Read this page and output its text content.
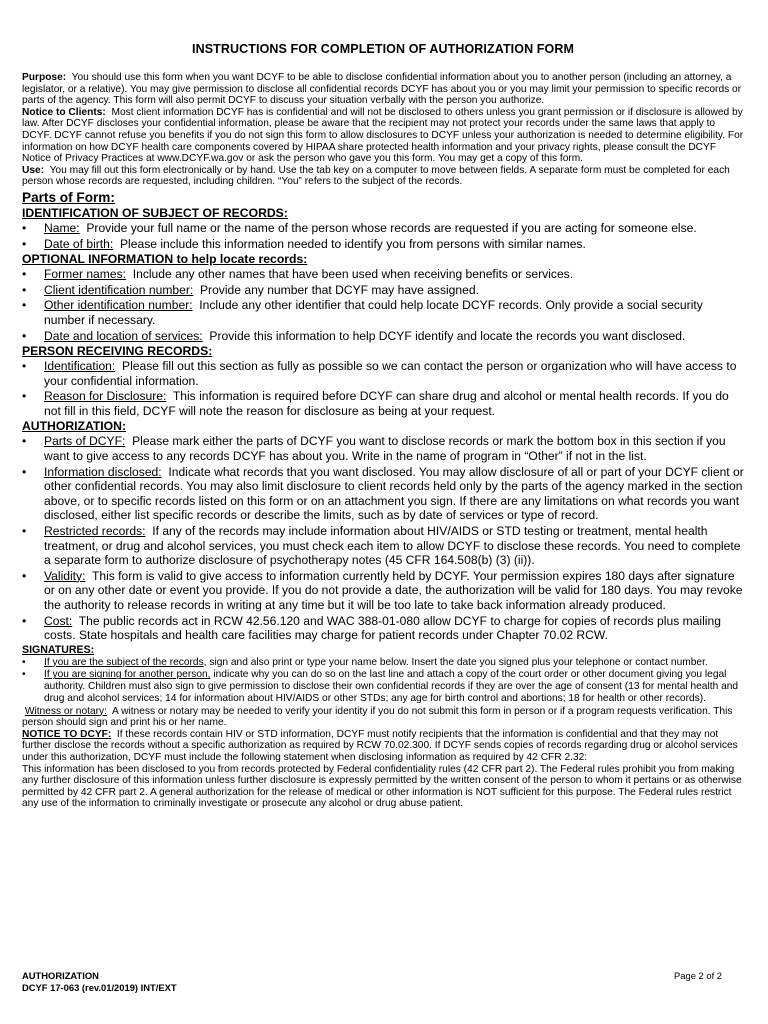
INSTRUCTIONS FOR COMPLETION OF AUTHORIZATION FORM

Purpose: You should use this form when you want DCYF to be able to disclose confidential information about you to another person (including an attorney, a legislator, or a relative). You may give permission to disclose all confidential records DCYF has about you or you may limit your permission to specific records or parts of the agency. This form will also permit DCYF to discuss your situation verbally with the person you authorize.

Notice to Clients: Most client information DCYF has is confidential and will not be disclosed to others unless you grant permission or if disclosure is allowed by law. After DCYF discloses your confidential information, please be aware that the recipient may not protect your records under the same laws that apply to DCYF. DCYF cannot refuse you benefits if you do not sign this form to allow disclosures to DCYF unless your authorization is needed to determine eligibility. For information on how DCYF health care components covered by HIPAA share protected health information and your privacy rights, please consult the DCYF Notice of Privacy Practices at www.DCYF.wa.gov or ask the person who gave you this form. You may get a copy of this form.

Use: You may fill out this form electronically or by hand. Use the tab key on a computer to move between fields. A separate form must be completed for each person whose records are requested, including children. “You” refers to the subject of the records.

Parts of Form:
IDENTIFICATION OF SUBJECT OF RECORDS:
• Name: Provide your full name or the name of the person whose records are requested if you are acting for someone else.
• Date of birth: Please include this information needed to identify you from persons with similar names.
OPTIONAL INFORMATION to help locate records:
• Former names: Include any other names that have been used when receiving benefits or services.
• Client identification number: Provide any number that DCYF may have assigned.
• Other identification number: Include any other identifier that could help locate DCYF records. Only provide a social security number if necessary.
• Date and location of services: Provide this information to help DCYF identify and locate the records you want disclosed.
PERSON RECEIVING RECORDS:
• Identification: Please fill out this section as fully as possible so we can contact the person or organization who will have access to your confidential information.
• Reason for Disclosure: This information is required before DCYF can share drug and alcohol or mental health records. If you do not fill in this field, DCYF will note the reason for disclosure as being at your request.
AUTHORIZATION:
• Parts of DCYF: Please mark either the parts of DCYF you want to disclose records or mark the bottom box in this section if you want to give access to any records DCYF has about you. Write in the name of program in “Other” if not in the list.
• Information disclosed: Indicate what records that you want disclosed. You may allow disclosure of all or part of your DCYF client or other confidential records. You may also limit disclosure to client records held only by the parts of the agency marked in the section above, or to specific records listed on this form or on an attachment you sign. If there are any limitations on what records you want disclosed, either list specific records or describe the limits, such as by date of services or type of record.
• Restricted records: If any of the records may include information about HIV/AIDS or STD testing or treatment, mental health treatment, or drug and alcohol services, you must check each item to allow DCYF to disclose these records. You need to complete a separate form to authorize disclosure of psychotherapy notes (45 CFR 164.508(b) (3) (ii)).
• Validity: This form is valid to give access to information currently held by DCYF. Your permission expires 180 days after signature or on any other date or event you provide. If you do not provide a date, the authorization will be valid for 180 days. You may revoke the authority to release records in writing at any time but it will be too late to take back information already produced.
• Cost: The public records act in RCW 42.56.120 and WAC 388-01-080 allow DCYF to charge for copies of records plus mailing costs. State hospitals and health care facilities may charge for patient records under Chapter 70.02 RCW.
SIGNATURES:
• If you are the subject of the records, sign and also print or type your name below. Insert the date you signed plus your telephone or contact number.
• If you are signing for another person, indicate why you can do so on the last line and attach a copy of the court order or other document giving you legal authority. Children must also sign to give permission to disclose their own confidential records if they are over the age of consent (13 for mental health and drug and alcohol services; 14 for information about HIV/AIDS or other STDs; any age for birth control and abortions; 18 for health or other records).

Witness or notary: A witness or notary may be needed to verify your identity if you do not submit this form in person or if a program requests verification. This person should sign and print his or her name.

NOTICE TO DCYF: If these records contain HIV or STD information, DCYF must notify recipients that the information is confidential and that they may not further disclose the records without a specific authorization as required by RCW 70.02.300. If DCYF sends copies of records regarding drug or alcohol services under this authorization, DCYF must include the following statement when disclosing information as required by 42 CFR 2.32:

This information has been disclosed to you from records protected by Federal confidentiality rules (42 CFR part 2). The Federal rules prohibit you from making any further disclosure of this information unless further disclosure is expressly permitted by the written consent of the person to whom it pertains or as otherwise permitted by 42 CFR part 2. A general authorization for the release of medical or other information is NOT sufficient for this purpose. The Federal rules restrict any use of the information to criminally investigate or prosecute any alcohol or drug abuse patient.

AUTHORIZATION
DCYF 17-063 (rev.01/2019) INT/EXT
Page 2 of 2
